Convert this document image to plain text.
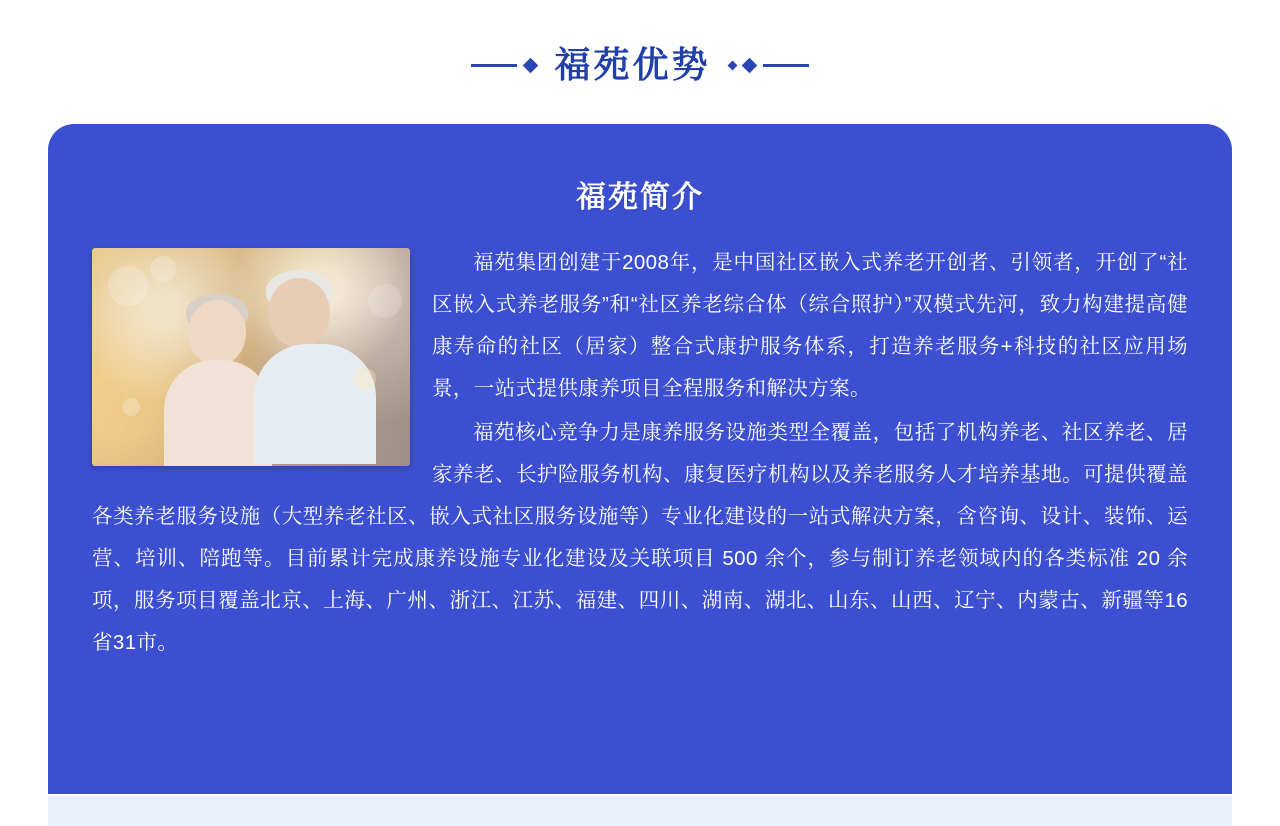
福苑优势
福苑简介

福苑集团创建于2008年，是中国社区嵌入式养老开创者、引领者，开创了“社区嵌入式养老服务”和“社区养老综合体（综合照护）”双模式先河，致力构建提高健康寿命的社区（居家）整合式康护服务体系，打造养老服务+科技的社区应用场景，一站式提供康养项目全程服务和解决方案。

福苑核心竞争力是康养服务设施类型全覆盖，包括了机构养老、社区养老、居家养老、长护险服务机构、康复医疗机构以及养老服务人才培养基地。可提供覆盖各类养老服务设施（大型养老社区、嵌入式社区服务设施等）专业化建设的一站式解决方案，含咨询、设计、装饰、运营、培训、陪跑等。目前累计完成康养设施专业化建设及关联项目 500 余个，参与制订养老领域内的各类标准 20 余项，服务项目覆盖北京、上海、广州、浙江、江苏、福建、四川、湖南、湖北、山东、山西、辽宁、内蒙古、新疆等16省31市。
